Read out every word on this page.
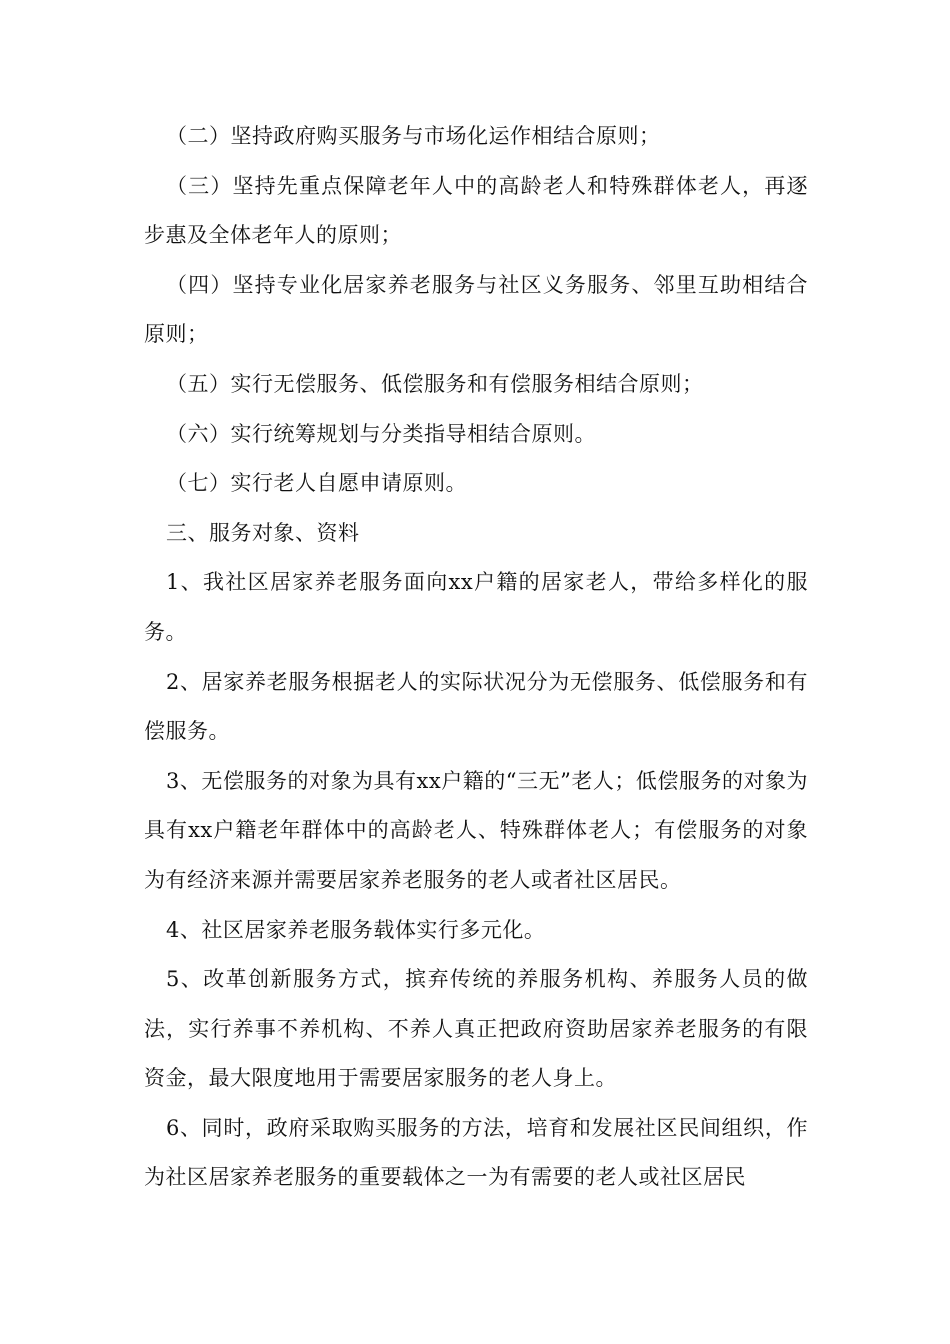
（二）坚持政府购买服务与市场化运作相结合原则；

（三）坚持先重点保障老年人中的高龄老人和特殊群体老人，再逐步惠及全体老年人的原则；

（四）坚持专业化居家养老服务与社区义务服务、邻里互助相结合原则；

（五）实行无偿服务、低偿服务和有偿服务相结合原则；

（六）实行统筹规划与分类指导相结合原则。

（七）实行老人自愿申请原则。

三、服务对象、资料

1、我社区居家养老服务面向xx户籍的居家老人，带给多样化的服务。

2、居家养老服务根据老人的实际状况分为无偿服务、低偿服务和有偿服务。

3、无偿服务的对象为具有xx户籍的“三无”老人；低偿服务的对象为具有xx户籍老年群体中的高龄老人、特殊群体老人；有偿服务的对象为有经济来源并需要居家养老服务的老人或者社区居民。

4、社区居家养老服务载体实行多元化。

5、改革创新服务方式，摈弃传统的养服务机构、养服务人员的做法，实行养事不养机构、不养人真正把政府资助居家养老服务的有限资金，最大限度地用于需要居家服务的老人身上。

6、同时，政府采取购买服务的方法，培育和发展社区民间组织，作为社区居家养老服务的重要载体之一为有需要的老人或社区居民
